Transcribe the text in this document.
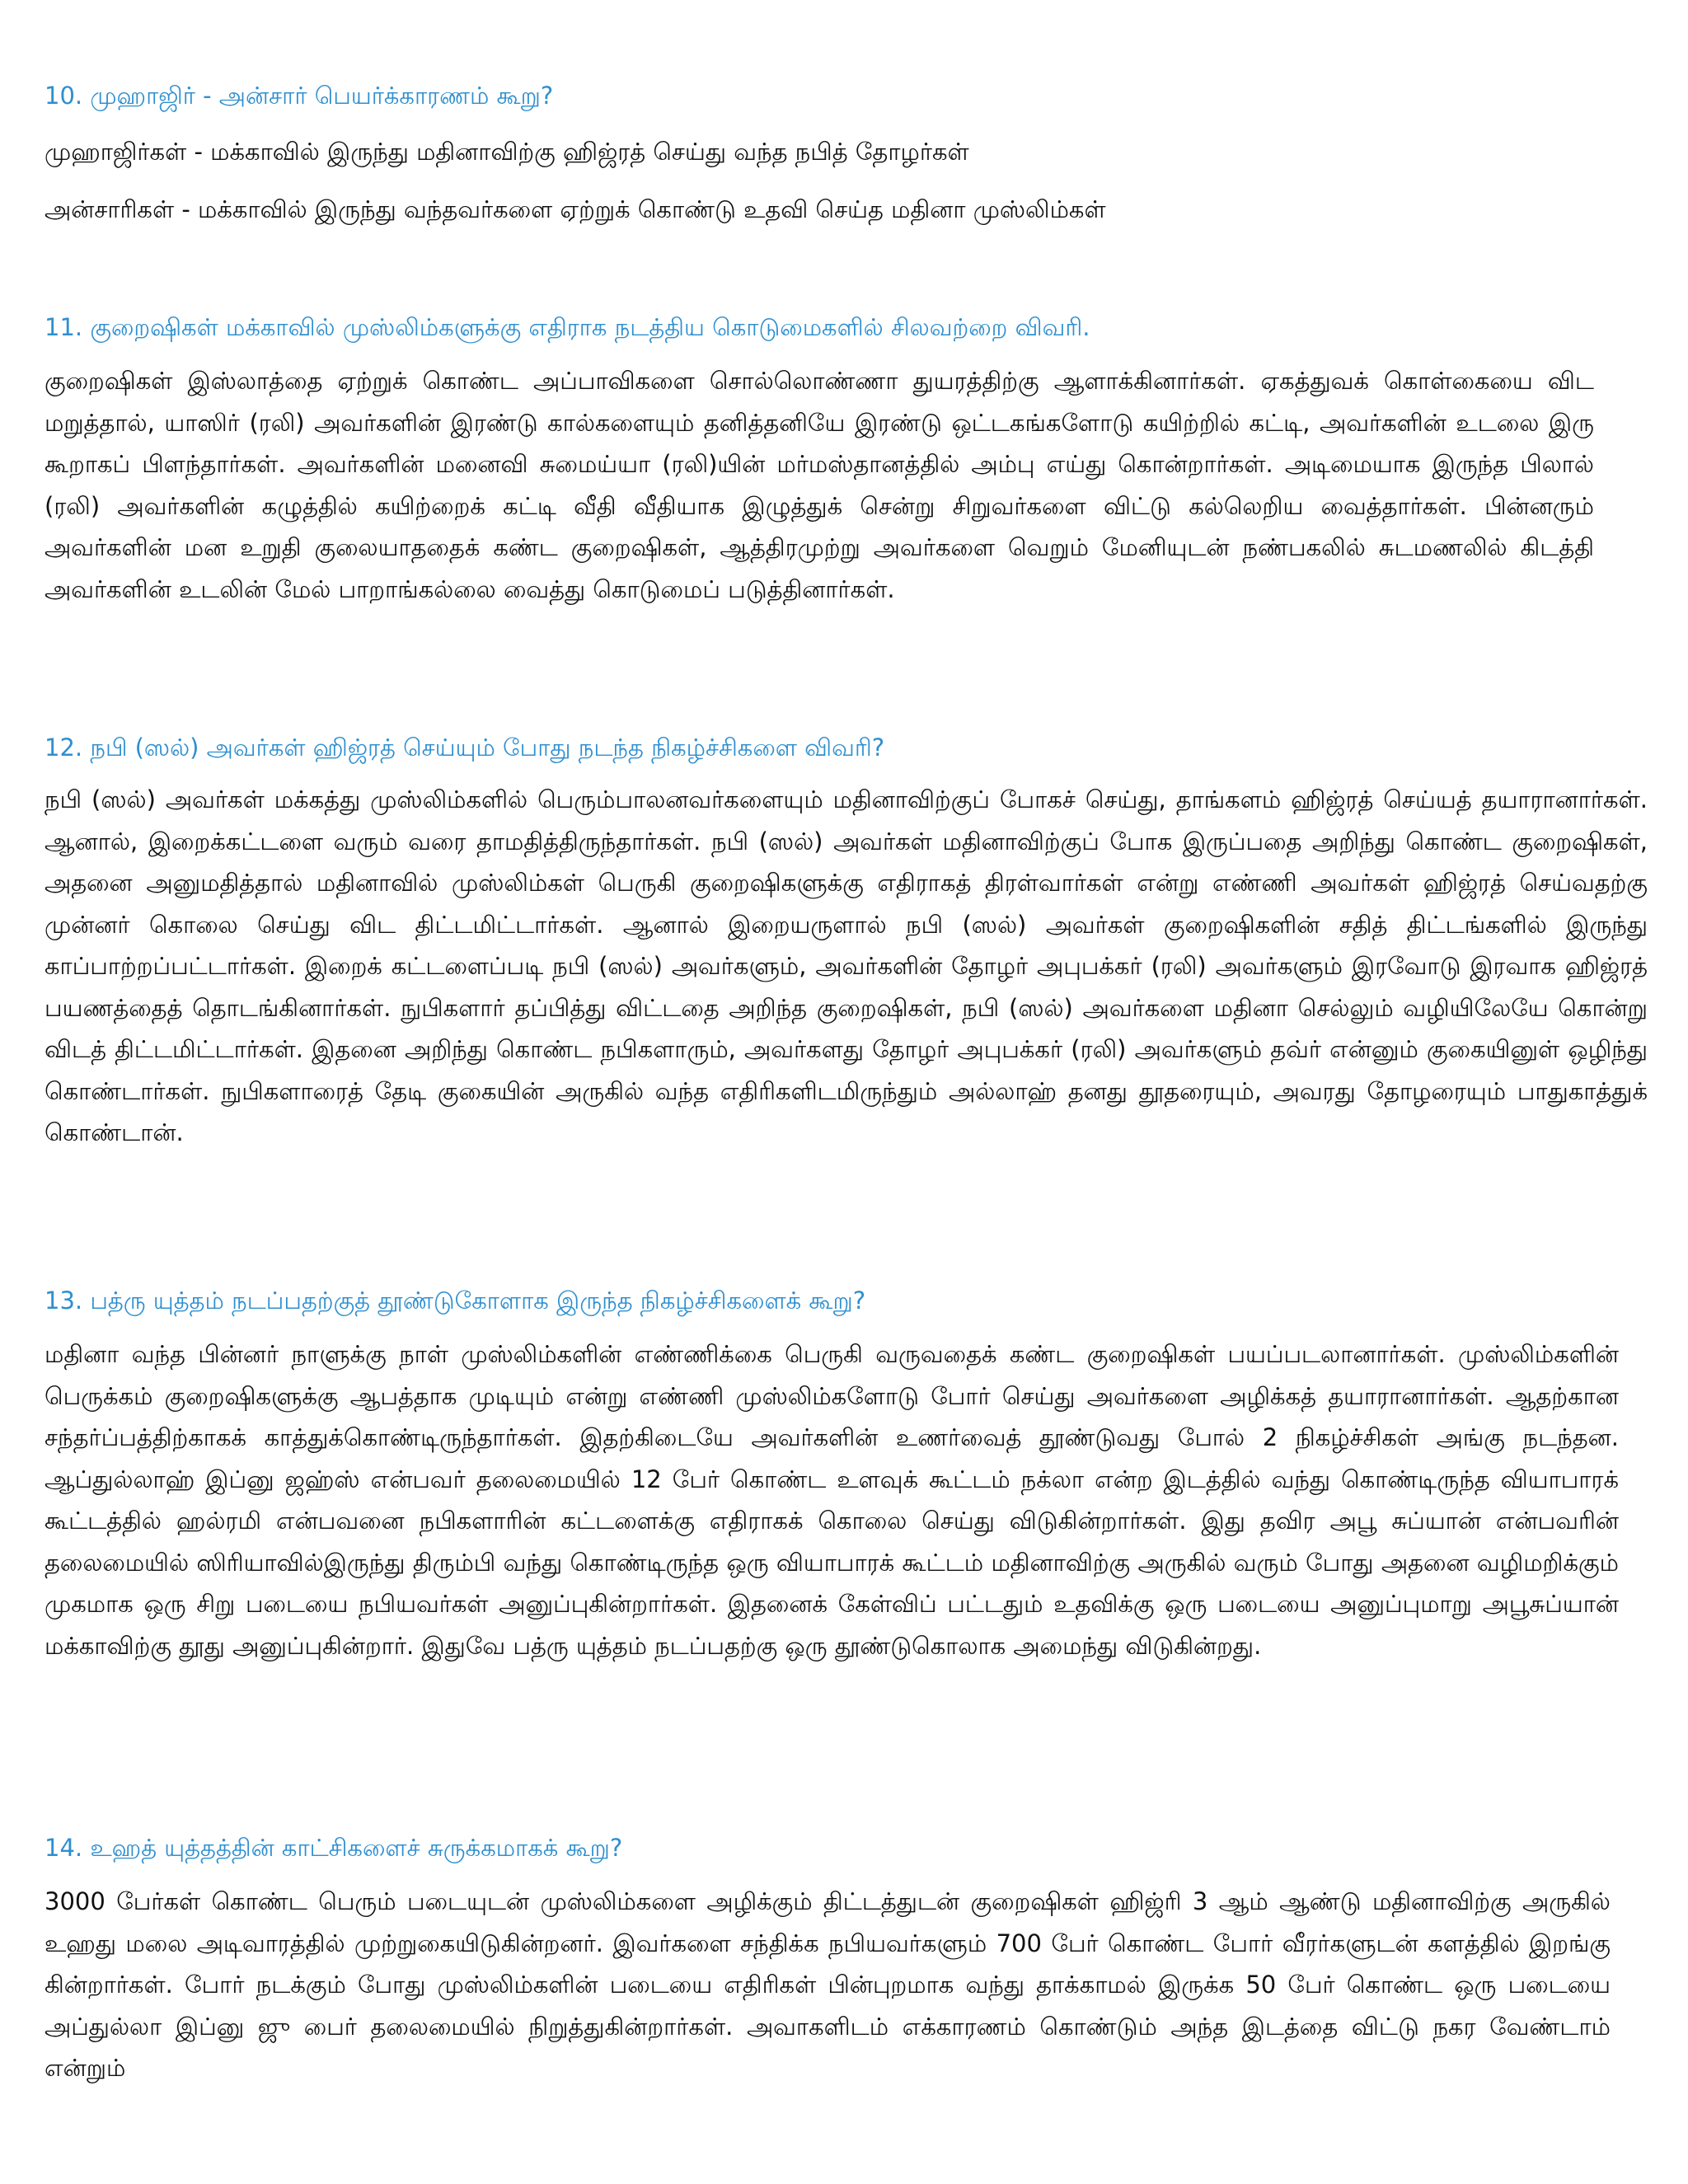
10. முஹாஜிர் - அன்சார் பெயர்க்காரணம் கூறு?

முஹாஜிர்கள் - மக்காவில் இருந்து மதினாவிற்கு ஹிஜ்ரத் செய்து வந்த நபித் தோழர்கள்

அன்சாரிகள் - மக்காவில் இருந்து வந்தவர்களை ஏற்றுக் கொண்டு உதவி செய்த மதினா முஸ்லிம்கள்

11. குறைஷிகள் மக்காவில் முஸ்லிம்களுக்கு எதிராக நடத்திய கொடுமைகளில் சிலவற்றை விவரி.

குறைஷிகள் இஸ்லாத்தை ஏற்றுக் கொண்ட அப்பாவிகளை சொல்லொண்ணா துயரத்திற்கு ஆளாக்கினார்கள். ஏகத்துவக் கொள்கையை விட மறுத்தால், யாஸிர் (ரலி) அவர்களின் இரண்டு கால்களையும் தனித்தனியே இரண்டு ஒட்டகங்களோடு கயிற்றில் கட்டி, அவர்களின் உடலை இரு கூறாகப் பிளந்தார்கள். அவர்களின் மனைவி சுமைய்யா (ரலி)யின் மர்மஸ்தானத்தில் அம்பு எய்து கொன்றார்கள். அடிமையாக இருந்த பிலால் (ரலி) அவர்களின் கழுத்தில் கயிற்றைக் கட்டி வீதி வீதியாக இழுத்துக் சென்று சிறுவர்களை விட்டு கல்லெறிய வைத்தார்கள். பின்னரும் அவர்களின் மன உறுதி குலையாததைக் கண்ட குறைஷிகள், ஆத்திரமுற்று அவர்களை வெறும் மேனியுடன் நண்பகலில் சுடமணலில் கிடத்தி அவர்களின் உடலின் மேல் பாறாங்கல்லை வைத்து கொடுமைப் படுத்தினார்கள்.

12. நபி (ஸல்) அவர்கள் ஹிஜ்ரத் செய்யும் போது நடந்த நிகழ்ச்சிகளை விவரி?

நபி (ஸல்) அவர்கள் மக்கத்து முஸ்லிம்களில் பெரும்பாலனவர்களையும் மதினாவிற்குப் போகச் செய்து, தாங்களம் ஹிஜ்ரத் செய்யத் தயாரானார்கள். ஆனால், இறைக்கட்டளை வரும் வரை தாமதித்திருந்தார்கள். நபி (ஸல்) அவர்கள் மதினாவிற்குப் போக இருப்பதை அறிந்து கொண்ட குறைஷிகள், அதனை அனுமதித்தால் மதினாவில் முஸ்லிம்கள் பெருகி குறைஷிகளுக்கு எதிராகத் திரள்வார்கள் என்று எண்ணி அவர்கள் ஹிஜ்ரத் செய்வதற்கு முன்னர் கொலை செய்து விட திட்டமிட்டார்கள். ஆனால் இறையருளால் நபி (ஸல்) அவர்கள் குறைஷிகளின் சதித் திட்டங்களில் இருந்து காப்பாற்றப்பட்டார்கள். இறைக் கட்டளைப்படி நபி (ஸல்) அவர்களும், அவர்களின் தோழர் அபுபக்கர் (ரலி) அவர்களும் இரவோடு இரவாக ஹிஜ்ரத் பயணத்தைத் தொடங்கினார்கள். நுபிகளார் தப்பித்து விட்டதை அறிந்த குறைஷிகள், நபி (ஸல்) அவர்களை மதினா செல்லும் வழியிலேயே கொன்று விடத் திட்டமிட்டார்கள். இதனை அறிந்து கொண்ட நபிகளாரும், அவர்களது தோழர் அபுபக்கர் (ரலி) அவர்களும் தவ்ர் என்னும் குகையினுள் ஒழிந்து கொண்டார்கள். நுபிகளாரைத் தேடி குகையின் அருகில் வந்த எதிரிகளிடமிருந்தும் அல்லாஹ் தனது தூதரையும், அவரது தோழரையும் பாதுகாத்துக் கொண்டான்.

13. பத்ரு யுத்தம் நடப்பதற்குத் தூண்டுகோளாக இருந்த நிகழ்ச்சிகளைக் கூறு?

மதினா வந்த பின்னர் நாளுக்கு நாள் முஸ்லிம்களின் எண்ணிக்கை பெருகி வருவதைக் கண்ட குறைஷிகள் பயப்படலானார்கள். முஸ்லிம்களின் பெருக்கம் குறைஷிகளுக்கு ஆபத்தாக முடியும் என்று எண்ணி முஸ்லிம்களோடு போர் செய்து அவர்களை அழிக்கத் தயாரானார்கள். ஆதற்கான சந்தர்ப்பத்திற்காகக் காத்துக்கொண்டிருந்தார்கள். இதற்கிடையே அவர்களின் உணர்வைத் தூண்டுவது போல் 2 நிகழ்ச்சிகள் அங்கு நடந்தன. ஆப்துல்லாஹ் இப்னு ஜஹ்ஸ் என்பவர் தலைமையில் 12 பேர் கொண்ட உளவுக் கூட்டம் நக்லா என்ற இடத்தில் வந்து கொண்டிருந்த வியாபாரக் கூட்டத்தில் ஹல்ரமி என்பவனை நபிகளாரின் கட்டளைக்கு எதிராகக் கொலை செய்து விடுகின்றார்கள். இது தவிர அபூ சுப்யான் என்பவரின் தலைமையில் ஸிரியாவில்இருந்து திரும்பி வந்து கொண்டிருந்த ஒரு வியாபாரக் கூட்டம் மதினாவிற்கு அருகில் வரும் போது அதனை வழிமறிக்கும் முகமாக ஒரு சிறு படையை நபியவர்கள் அனுப்புகின்றார்கள். இதனைக் கேள்விப் பட்டதும் உதவிக்கு ஒரு படையை அனுப்புமாறு அபூசுப்யான் மக்காவிற்கு தூது அனுப்புகின்றார். இதுவே பத்ரு யுத்தம் நடப்பதற்கு ஒரு தூண்டுகொலாக அமைந்து விடுகின்றது.

14. உஹத் யுத்தத்தின் காட்சிகளைச் சுருக்கமாகக் கூறு?

3000 பேர்கள் கொண்ட பெரும் படையுடன் முஸ்லிம்களை அழிக்கும் திட்டத்துடன் குறைஷிகள் ஹிஜ்ரி 3 ஆம் ஆண்டு மதினாவிற்கு அருகில் உஹது மலை அடிவாரத்தில் முற்றுகையிடுகின்றனர். இவர்களை சந்திக்க நபியவர்களும் 700 பேர் கொண்ட போர் வீரர்களுடன் களத்தில் இறங்கு கின்றார்கள். போர் நடக்கும் போது முஸ்லிம்களின் படையை எதிரிகள் பின்புறமாக வந்து தாக்காமல் இருக்க 50 பேர் கொண்ட ஒரு படையை அப்துல்லா இப்னு ஜு பைர் தலைமையில் நிறுத்துகின்றார்கள். அவாகளிடம் எக்காரணம் கொண்டும் அந்த இடத்தை விட்டு நகர வேண்டாம் என்றும்
